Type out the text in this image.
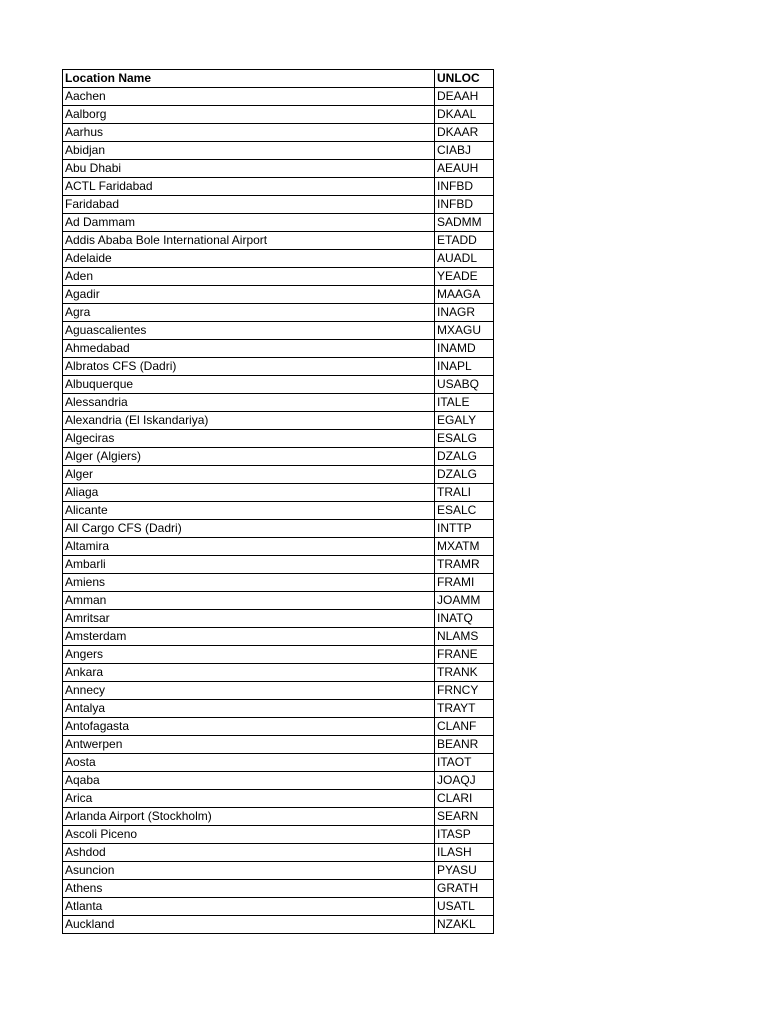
Location Name	UNLOC
Aachen	DEAAH
Aalborg	DKAAL
Aarhus	DKAAR
Abidjan	CIABJ
Abu Dhabi	AEAUH
ACTL Faridabad	INFBD
Faridabad	INFBD
Ad Dammam	SADMM
Addis Ababa Bole International Airport	ETADD
Adelaide	AUADL
Aden	YEADE
Agadir	MAAGA
Agra	INAGR
Aguascalientes	MXAGU
Ahmedabad	INAMD
Albratos CFS (Dadri)	INAPL
Albuquerque	USABQ
Alessandria	ITALE
Alexandria (El Iskandariya)	EGALY
Algeciras	ESALG
Alger (Algiers)	DZALG
Alger	DZALG
Aliaga	TRALI
Alicante	ESALC
All Cargo CFS (Dadri)	INTTP
Altamira	MXATM
Ambarli	TRAMR
Amiens	FRAMI
Amman	JOAMM
Amritsar	INATQ
Amsterdam	NLAMS
Angers	FRANE
Ankara	TRANK
Annecy	FRNCY
Antalya	TRAYT
Antofagasta	CLANF
Antwerpen	BEANR
Aosta	ITAOT
Aqaba	JOAQJ
Arica	CLARI
Arlanda Airport (Stockholm)	SEARN
Ascoli Piceno	ITASP
Ashdod	ILASH
Asuncion	PYASU
Athens	GRATH
Atlanta	USATL
Auckland	NZAKL
